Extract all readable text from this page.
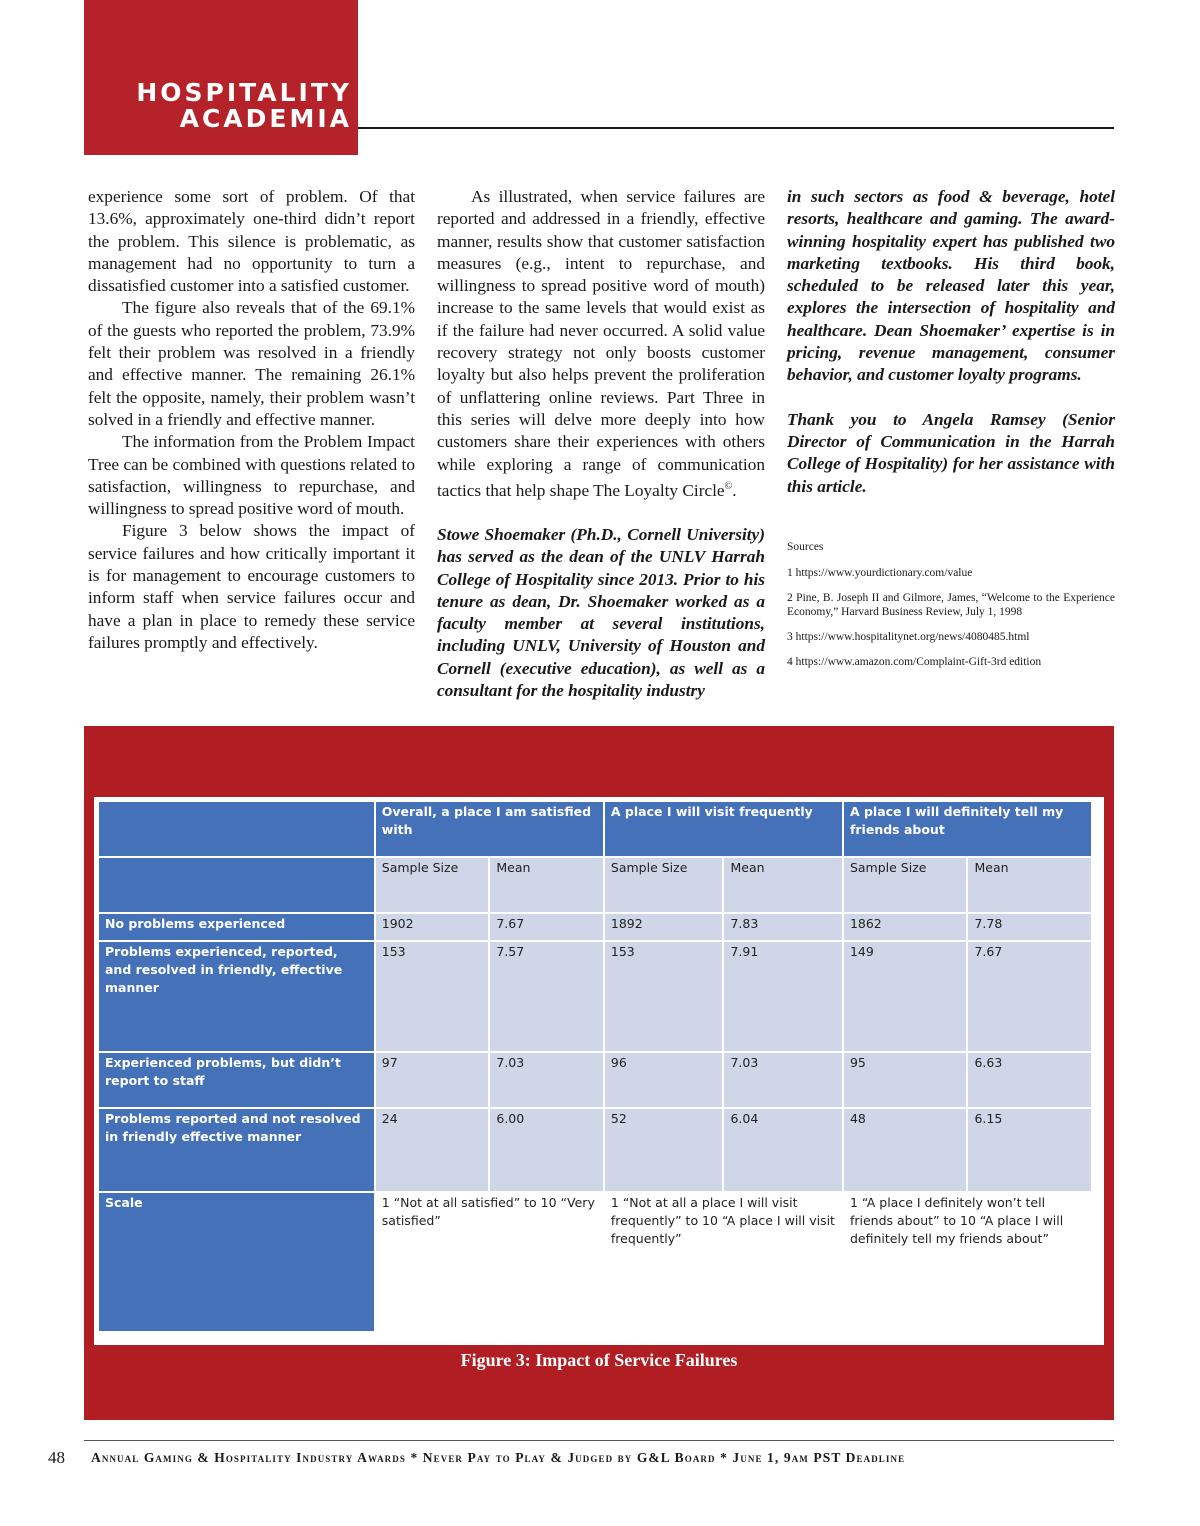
HOSPITALITY
ACADEMIA

experience some sort of problem. Of that 13.6%, approximately one-third didn’t report the problem. This silence is problematic, as management had no opportunity to turn a dissatisfied customer into a satisfied customer.

The figure also reveals that of the 69.1% of the guests who reported the problem, 73.9% felt their problem was resolved in a friendly and effective manner. The remaining 26.1% felt the opposite, namely, their problem wasn’t solved in a friendly and effective manner.

The information from the Problem Impact Tree can be combined with questions related to satisfaction, willingness to repurchase, and willingness to spread positive word of mouth.

Figure 3 below shows the impact of service failures and how critically important it is for management to encourage customers to inform staff when service failures occur and have a plan in place to remedy these service failures promptly and effectively.

As illustrated, when service failures are reported and addressed in a friendly, effective manner, results show that customer satisfaction measures (e.g., intent to repurchase, and willingness to spread positive word of mouth) increase to the same levels that would exist as if the failure had never occurred. A solid value recovery strategy not only boosts customer loyalty but also helps prevent the proliferation of unflattering online reviews. Part Three in this series will delve more deeply into how customers share their experiences with others while exploring a range of communication tactics that help shape The Loyalty Circle©.

Stowe Shoemaker (Ph.D., Cornell University) has served as the dean of the UNLV Harrah College of Hospitality since 2013. Prior to his tenure as dean, Dr. Shoemaker worked as a faculty member at several institutions, including UNLV, University of Houston and Cornell (executive education), as well as a consultant for the hospitality industry

in such sectors as food & beverage, hotel resorts, healthcare and gaming. The award-winning hospitality expert has published two marketing textbooks. His third book, scheduled to be released later this year, explores the intersection of hospitality and healthcare. Dean Shoemaker’ expertise is in pricing, revenue management, consumer behavior, and customer loyalty programs.

Thank you to Angela Ramsey (Senior Director of Communication in the Harrah College of Hospitality) for her assistance with this article.

Sources
1 https://www.yourdictionary.com/value
2 Pine, B. Joseph II and Gilmore, James, “Welcome to the Experience Economy,” Harvard Business Review, July 1, 1998
3 https://www.hospitalitynet.org/news/4080485.html
4 https://www.amazon.com/Complaint-Gift-3rd edition
	Overall, a place I am satisfied with		A place I will visit frequently		A place I will definitely tell my friends about	
	Sample Size	Mean	Sample Size	Mean	Sample Size	Mean
No problems experienced	1902	7.67	1892	7.83	1862	7.78
Problems experienced, reported, and resolved in friendly, effective manner	153	7.57	153	7.91	149	7.67
Experienced problems, but didn’t report to staff	97	7.03	96	7.03	95	6.63
Problems reported and not resolved in friendly effective manner	24	6.00	52	6.04	48	6.15
Scale	1 “Not at all satisfied” to 10 “Very satisfied”		1 “Not at all a place I will visit frequently” to 10 “A place I will visit frequently”		1 “A place I definitely won’t tell friends about” to 10 “A place I will definitely tell my friends about”	
Figure 3: Impact of Service Failures
48 Annual Gaming & Hospitality Industry Awards * Never Pay to Play & Judged by G&L Board * June 1, 9am PST Deadline
